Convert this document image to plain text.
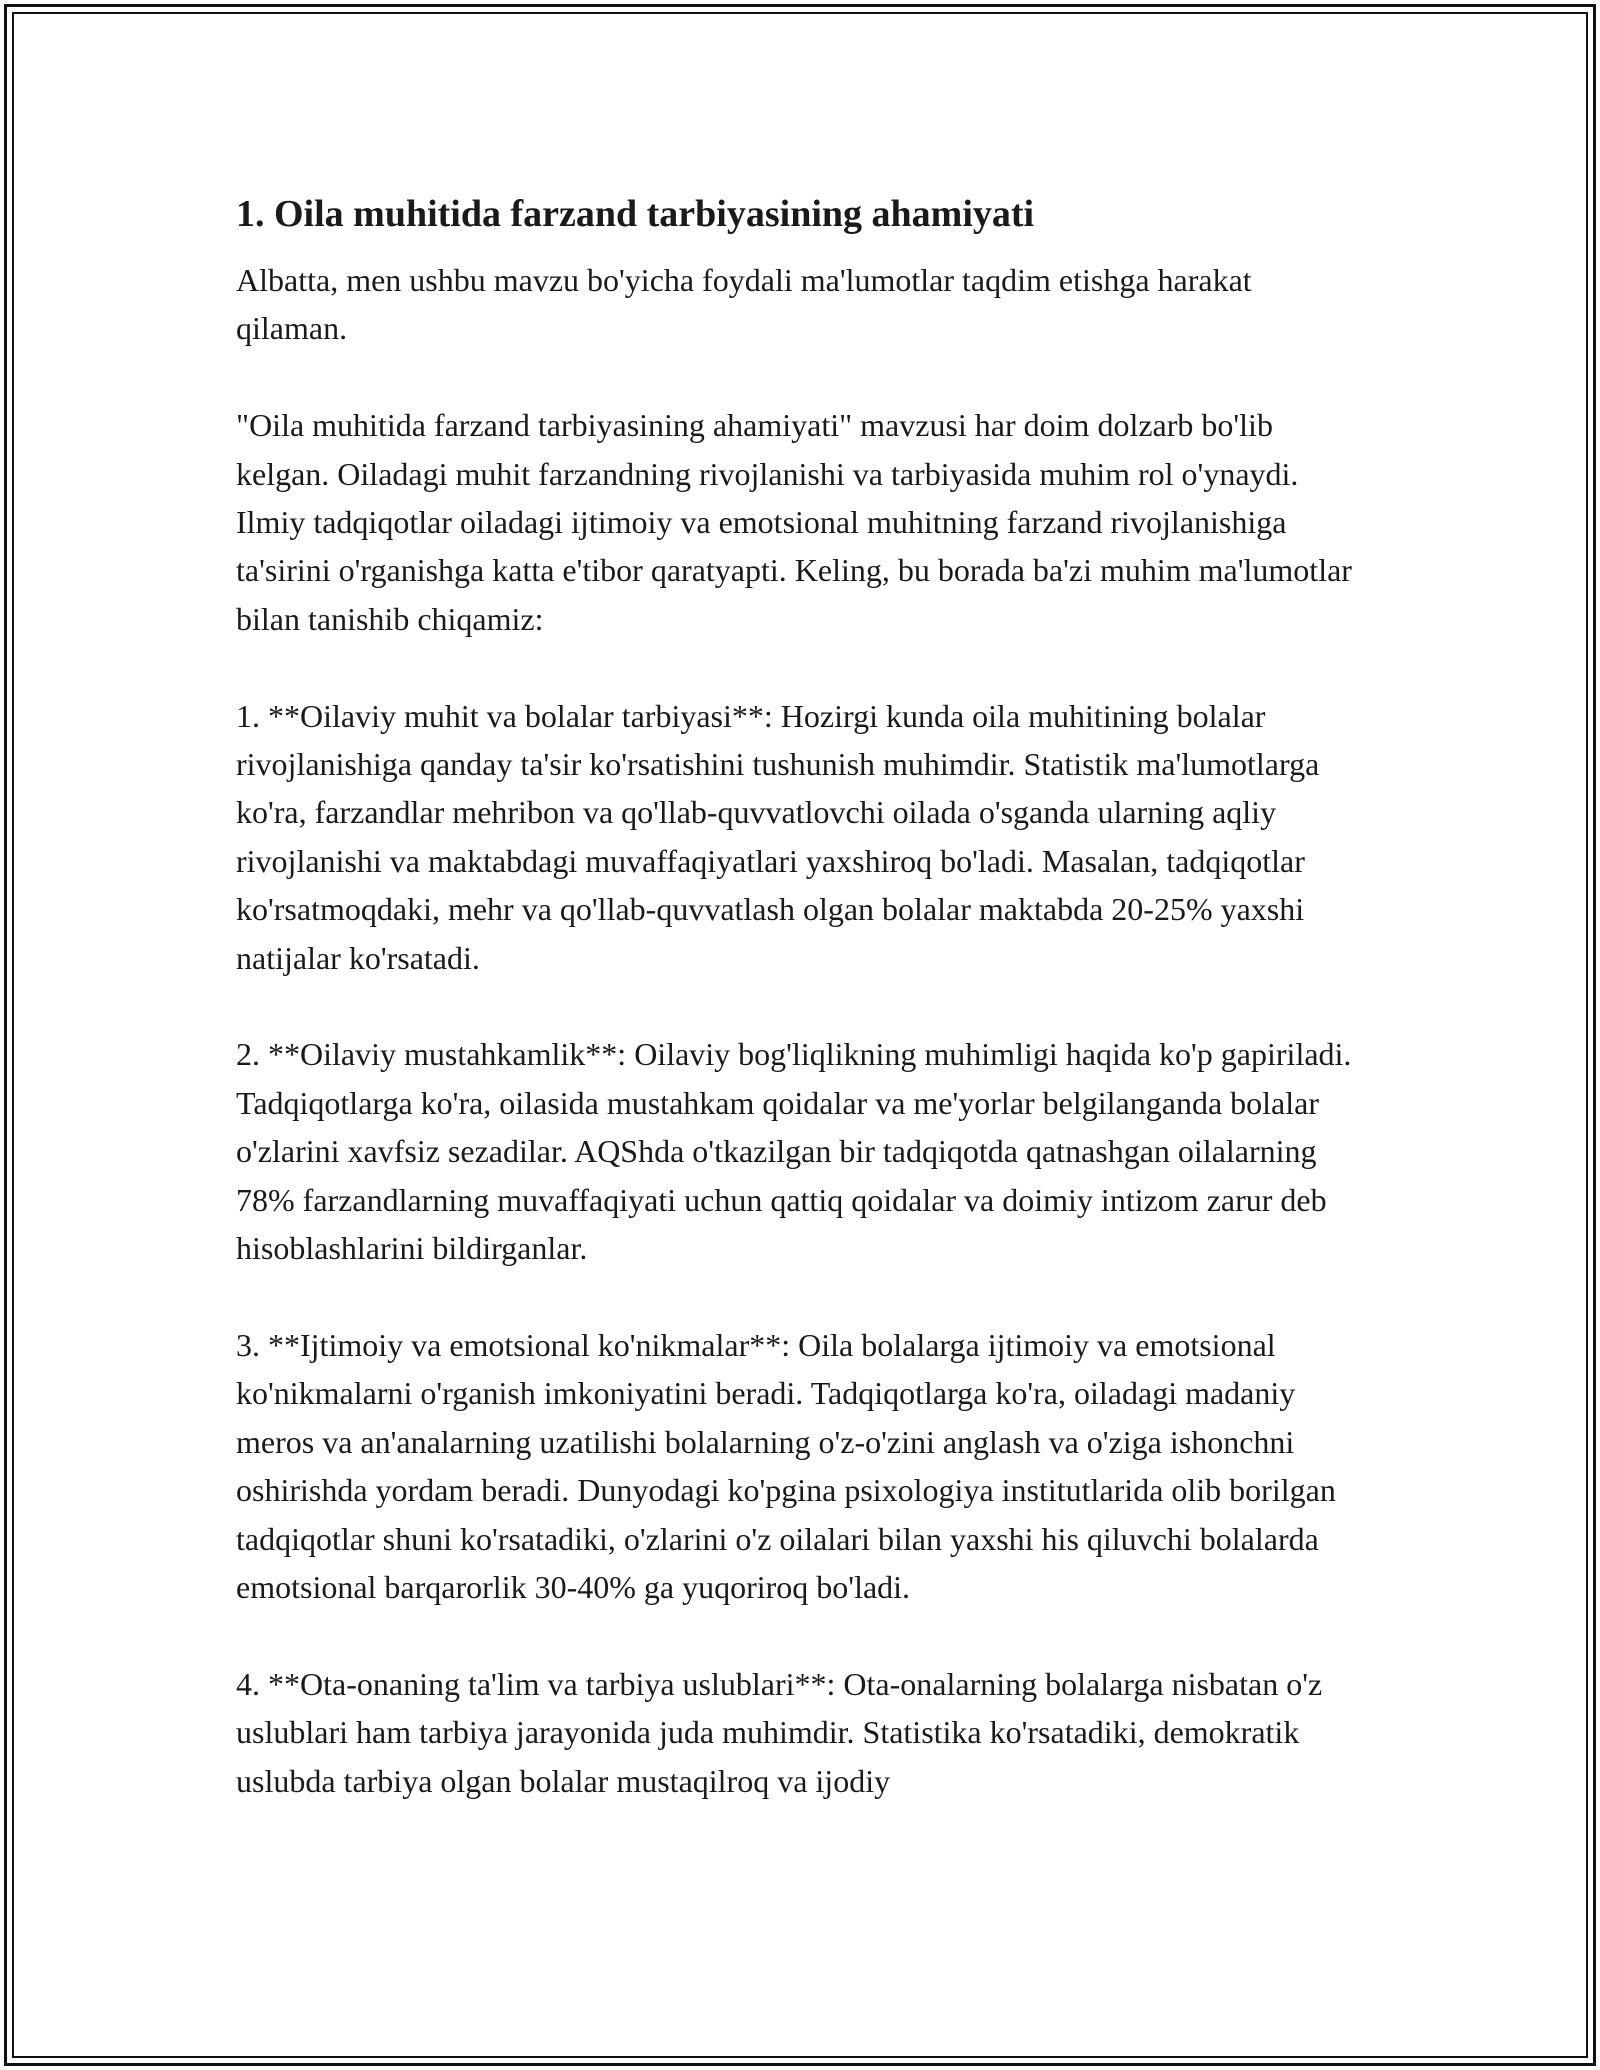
1. Oila muhitida farzand tarbiyasining ahamiyati

Albatta, men ushbu mavzu bo'yicha foydali ma'lumotlar taqdim etishga harakat qilaman.

"Oila muhitida farzand tarbiyasining ahamiyati" mavzusi har doim dolzarb bo'lib kelgan. Oiladagi muhit farzandning rivojlanishi va tarbiyasida muhim rol o'ynaydi. Ilmiy tadqiqotlar oiladagi ijtimoiy va emotsional muhitning farzand rivojlanishiga ta'sirini o'rganishga katta e'tibor qaratyapti. Keling, bu borada ba'zi muhim ma'lumotlar bilan tanishib chiqamiz:

1. **Oilaviy muhit va bolalar tarbiyasi**: Hozirgi kunda oila muhitining bolalar rivojlanishiga qanday ta'sir ko'rsatishini tushunish muhimdir. Statistik ma'lumotlarga ko'ra, farzandlar mehribon va qo'llab-quvvatlovchi oilada o'sganda ularning aqliy rivojlanishi va maktabdagi muvaffaqiyatlari yaxshiroq bo'ladi. Masalan, tadqiqotlar ko'rsatmoqdaki, mehr va qo'llab-quvvatlash olgan bolalar maktabda 20-25% yaxshi natijalar ko'rsatadi.

2. **Oilaviy mustahkamlik**: Oilaviy bog'liqlikning muhimligi haqida ko'p gapiriladi. Tadqiqotlarga ko'ra, oilasida mustahkam qoidalar va me'yorlar belgilanganda bolalar o'zlarini xavfsiz sezadilar. AQShda o'tkazilgan bir tadqiqotda qatnashgan oilalarning 78% farzandlarning muvaffaqiyati uchun qattiq qoidalar va doimiy intizom zarur deb hisoblashlarini bildirganlar.

3. **Ijtimoiy va emotsional ko'nikmalar**: Oila bolalarga ijtimoiy va emotsional ko'nikmalarni o'rganish imkoniyatini beradi. Tadqiqotlarga ko'ra, oiladagi madaniy meros va an'analarning uzatilishi bolalarning o'z-o'zini anglash va o'ziga ishonchni oshirishda yordam beradi. Dunyodagi ko'pgina psixologiya institutlarida olib borilgan tadqiqotlar shuni ko'rsatadiki, o'zlarini o'z oilalari bilan yaxshi his qiluvchi bolalarda emotsional barqarorlik 30-40% ga yuqoriroq bo'ladi.

4. **Ota-onaning ta'lim va tarbiya uslublari**: Ota-onalarning bolalarga nisbatan o'z uslublari ham tarbiya jarayonida juda muhimdir. Statistika ko'rsatadiki, demokratik uslubda tarbiya olgan bolalar mustaqilroq va ijodiy
